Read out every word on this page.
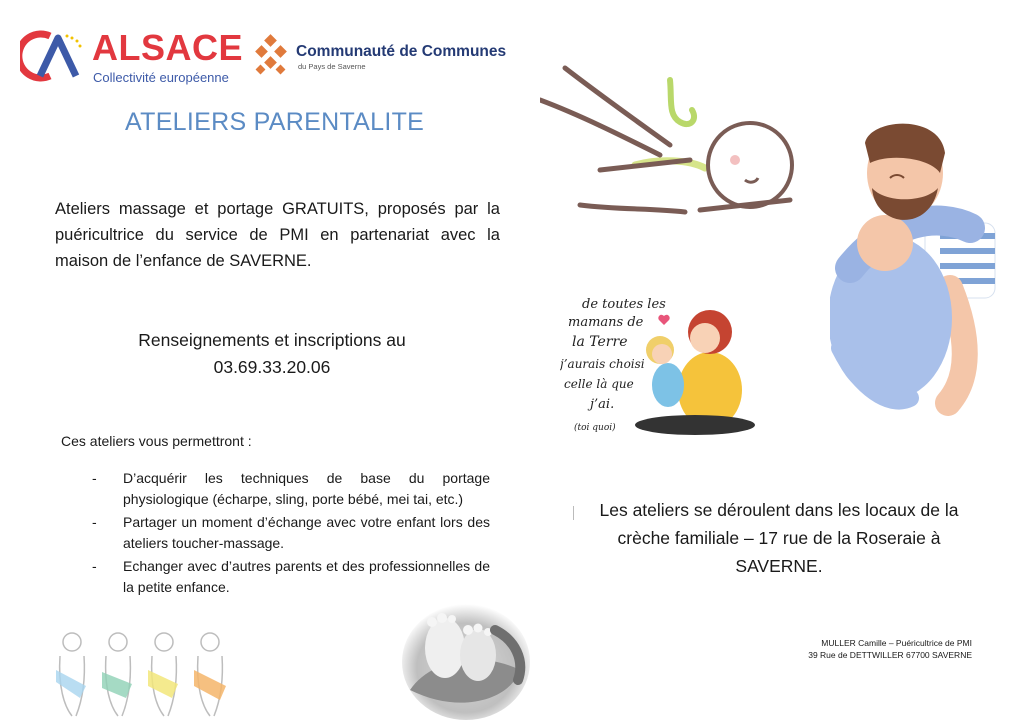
ALSACE
Collectivité européenne
Communauté de Communes
du Pays de Saverne
ATELIERS PARENTALITE
Ateliers massage et portage GRATUITS, proposés par la puéricultrice du service de PMI en partenariat avec la maison de l’enfance de SAVERNE.
Renseignements et inscriptions au
03.69.33.20.06
Ces ateliers vous permettront :
- D’acquérir les techniques de base du portage physiologique (écharpe, sling, porte bébé, mei tai, etc.)
- Partager un moment d’échange avec votre enfant lors des ateliers toucher-massage.
- Echanger avec d’autres parents et des professionnelles de la petite enfance.
de toutes les
mamans de
la Terre
j’aurais choisi
celle là que
j’ai.
(toi quoi)
Les ateliers se déroulent dans les locaux de la crèche familiale – 17 rue de la Roseraie à SAVERNE.
MULLER Camille – Puéricultrice de PMI
39 Rue de DETTWILLER 67700 SAVERNE
